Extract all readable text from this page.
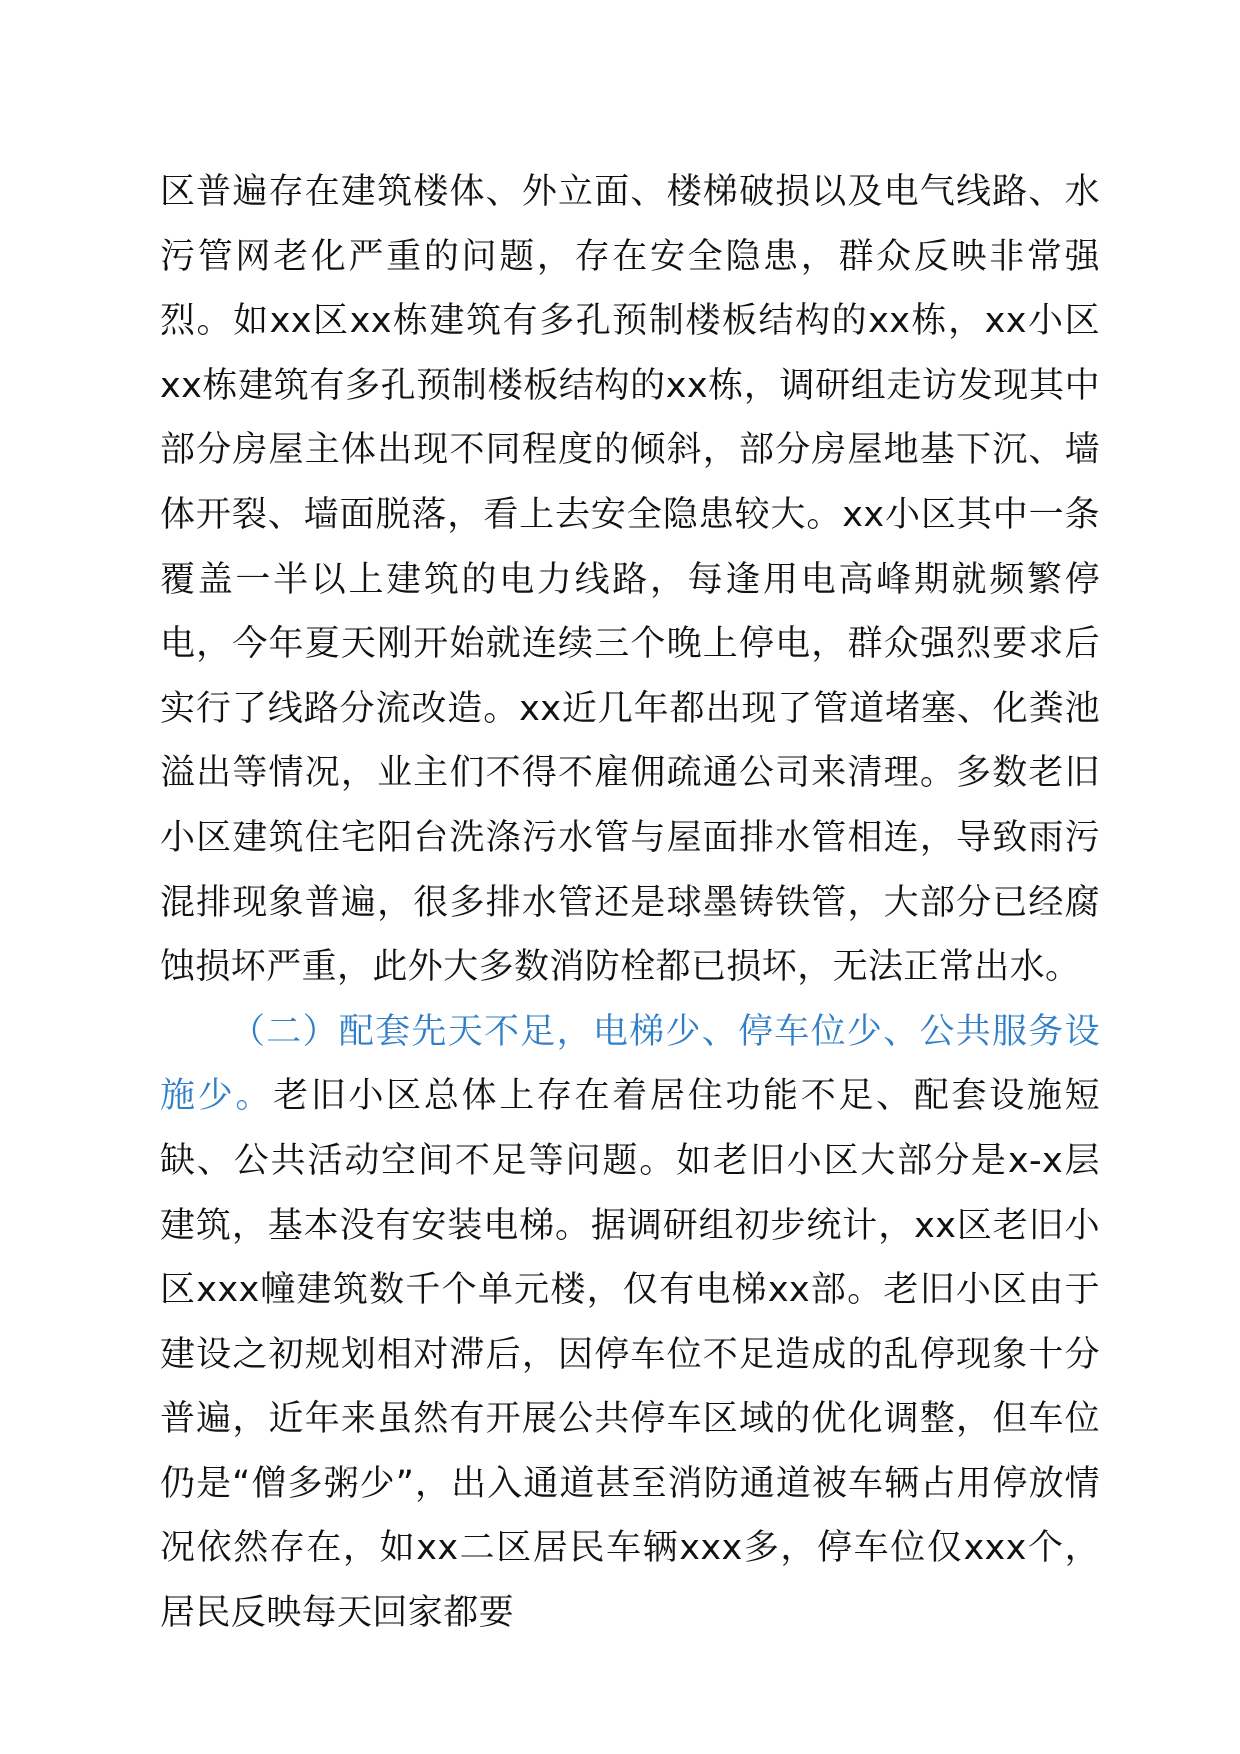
区普遍存在建筑楼体、外立面、楼梯破损以及电气线路、水污管网老化严重的问题，存在安全隐患，群众反映非常强烈。如xx区xx栋建筑有多孔预制楼板结构的xx栋，xx小区xx栋建筑有多孔预制楼板结构的xx栋，调研组走访发现其中部分房屋主体出现不同程度的倾斜，部分房屋地基下沉、墙体开裂、墙面脱落，看上去安全隐患较大。xx小区其中一条覆盖一半以上建筑的电力线路，每逢用电高峰期就频繁停电，今年夏天刚开始就连续三个晚上停电，群众强烈要求后实行了线路分流改造。xx近几年都出现了管道堵塞、化粪池溢出等情况，业主们不得不雇佣疏通公司来清理。多数老旧小区建筑住宅阳台洗涤污水管与屋面排水管相连，导致雨污混排现象普遍，很多排水管还是球墨铸铁管，大部分已经腐蚀损坏严重，此外大多数消防栓都已损坏，无法正常出水。

（二）配套先天不足，电梯少、停车位少、公共服务设施少。老旧小区总体上存在着居住功能不足、配套设施短缺、公共活动空间不足等问题。如老旧小区大部分是x-x层建筑，基本没有安装电梯。据调研组初步统计，xx区老旧小区xxx幢建筑数千个单元楼，仅有电梯xx部。老旧小区由于建设之初规划相对滞后，因停车位不足造成的乱停现象十分普遍，近年来虽然有开展公共停车区域的优化调整，但车位仍是“僧多粥少”，出入通道甚至消防通道被车辆占用停放情况依然存在，如xx二区居民车辆xxx多，停车位仅xxx个，居民反映每天回家都要
